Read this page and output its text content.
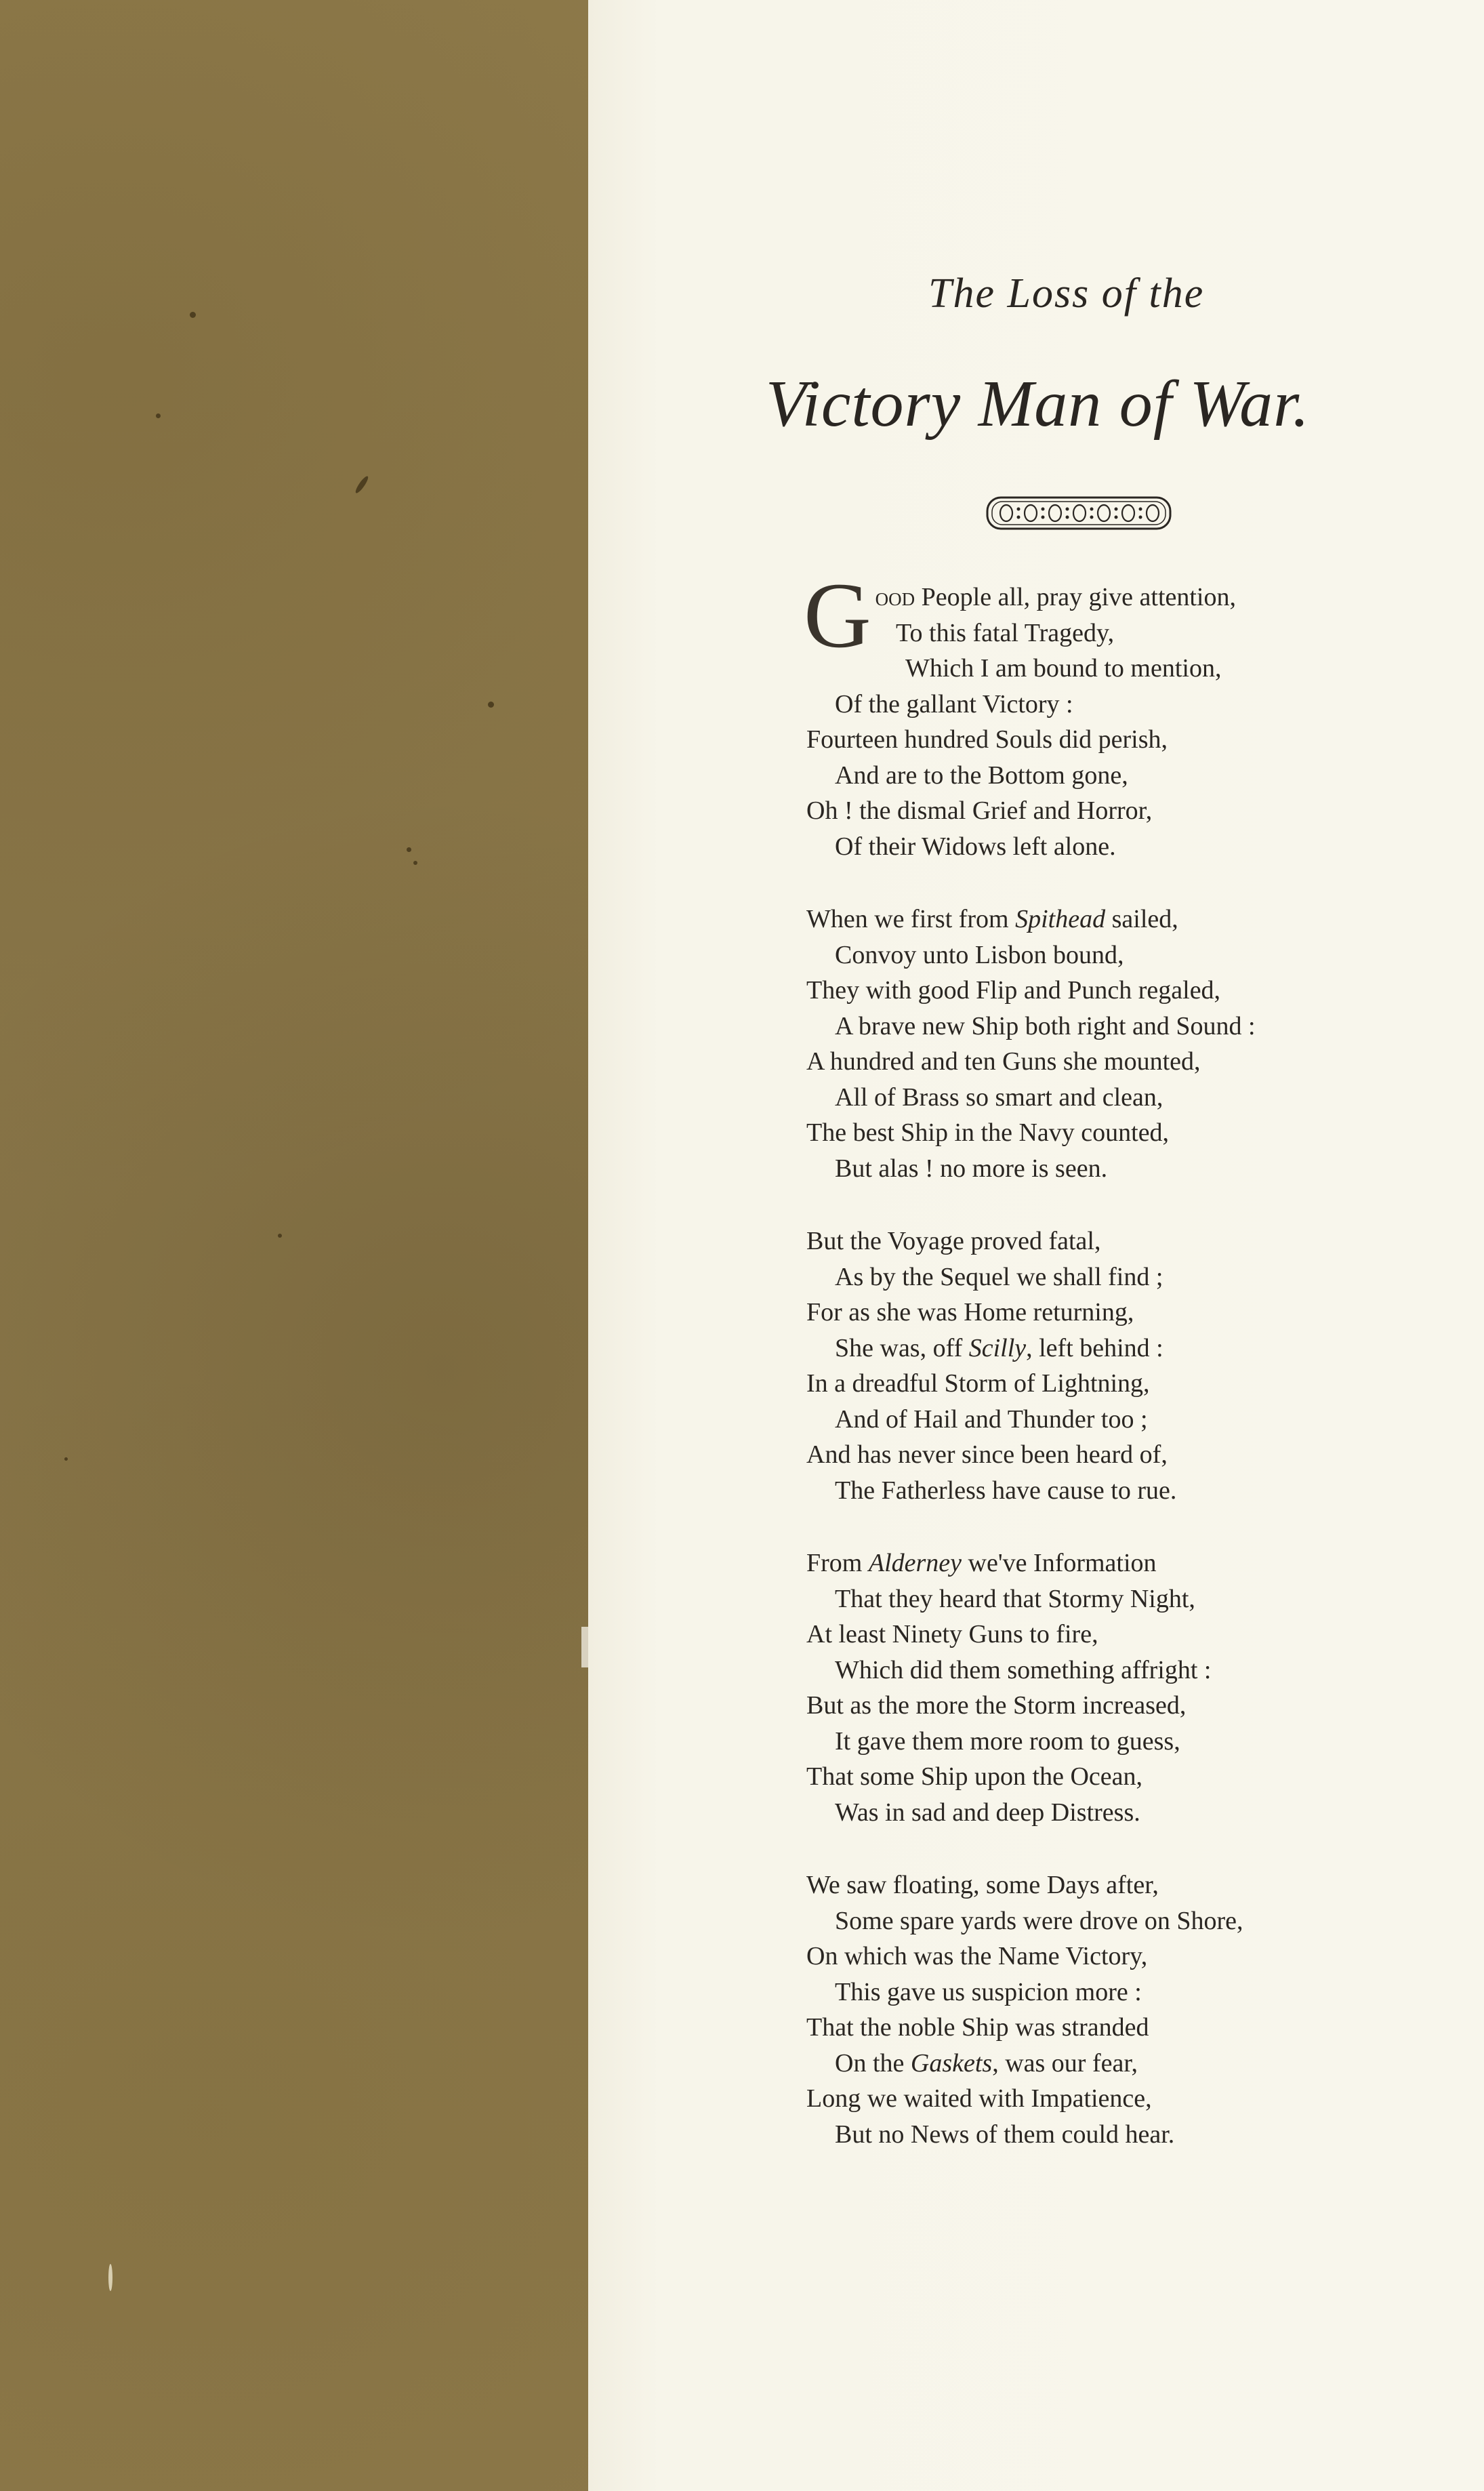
The Loss of the
Victory Man of War.
G ood People all, pray give attention,
To this fatal Tragedy,
Which I am bound to mention,
Of the gallant Victory :
Fourteen hundred Souls did perish,
And are to the Bottom gone,
Oh ! the dismal Grief and Horror,
Of their Widows left alone.
When we first from Spithead sailed,
Convoy unto Lisbon bound,
They with good Flip and Punch regaled,
A brave new Ship both right and Sound :
A hundred and ten Guns she mounted,
All of Brass so smart and clean,
The best Ship in the Navy counted,
But alas ! no more is seen.
But the Voyage proved fatal,
As by the Sequel we shall find ;
For as she was Home returning,
She was, off Scilly, left behind :
In a dreadful Storm of Lightning,
And of Hail and Thunder too ;
And has never since been heard of,
The Fatherless have cause to rue.
From Alderney we've Information
That they heard that Stormy Night,
At least Ninety Guns to fire,
Which did them something affright :
But as the more the Storm increased,
It gave them more room to guess,
That some Ship upon the Ocean,
Was in sad and deep Distress.
We saw floating, some Days after,
Some spare yards were drove on Shore,
On which was the Name Victory,
This gave us suspicion more :
That the noble Ship was stranded
On the Gaskets, was our fear,
Long we waited with Impatience,
But no News of them could hear.
